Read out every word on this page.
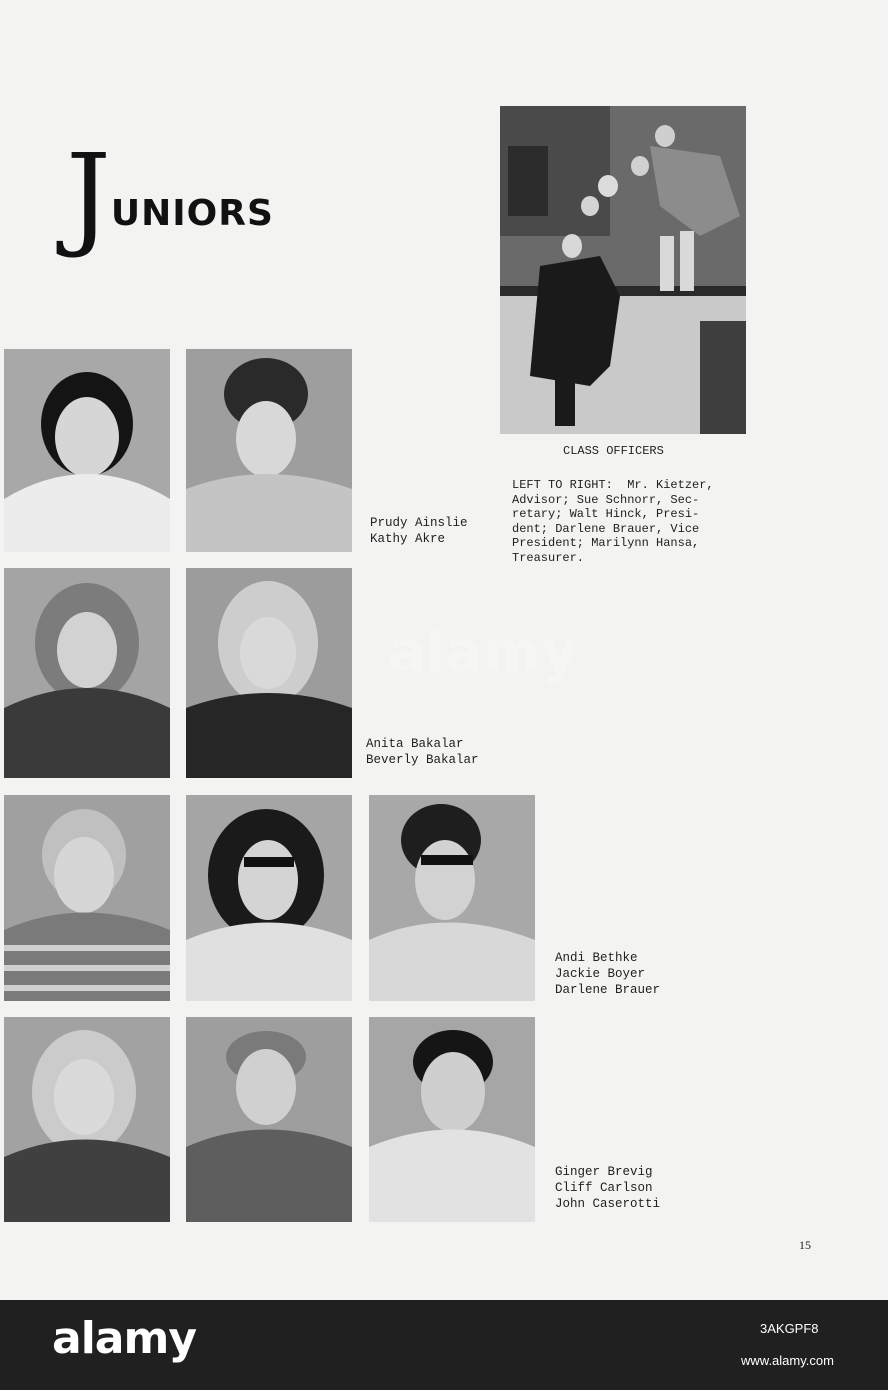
JUNIORS
CLASS OFFICERS
LEFT TO RIGHT:  Mr. Kietzer,
Advisor; Sue Schnorr, Sec-
retary; Walt Hinck, Presi-
dent; Darlene Brauer, Vice
President; Marilynn Hansa,
Treasurer.
Prudy Ainslie
Kathy Akre
Anita Bakalar
Beverly Bakalar
Andi Bethke
Jackie Boyer
Darlene Brauer
Ginger Brevig
Cliff Carlson
John Caserotti
15
alamy
alamy	3AKGPF8
www.alamy.com
